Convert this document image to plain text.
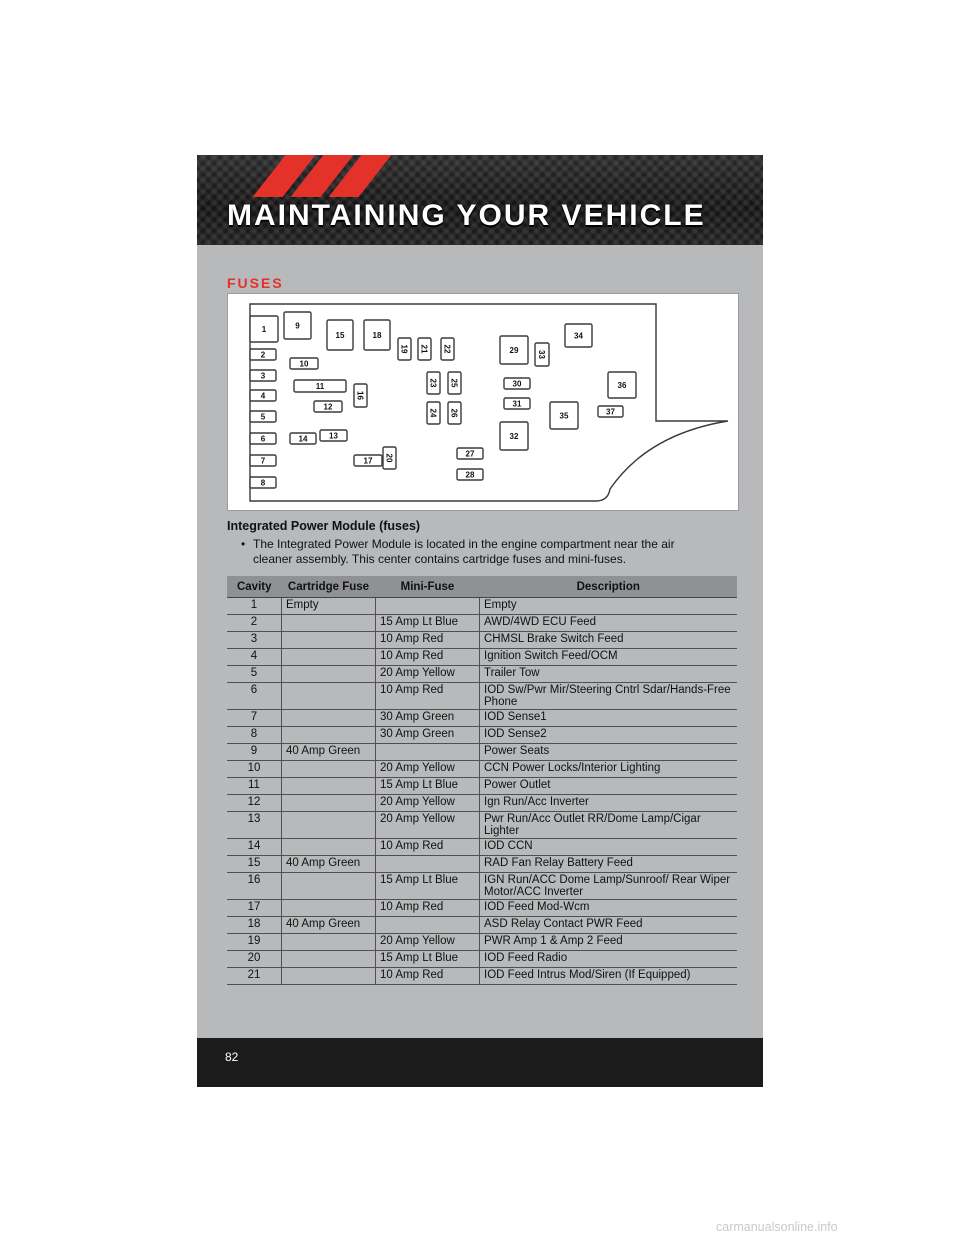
MAINTAINING YOUR VEHICLE
FUSES
1
2
3
4
5
6
7
8
9
10
11
12
13
14
15
16
17
18
19
20
21 22
23
24
25
26
27
28
29
30
31
32
33
34
35
36
37
Integrated Power Module (fuses)
• The Integrated Power Module is located in the engine compartment near the air cleaner assembly. This center contains cartridge fuses and mini-fuses.
Cavity	Cartridge Fuse	Mini-Fuse	Description
1	Empty		Empty
2		15 Amp Lt Blue	AWD/4WD ECU Feed
3		10 Amp Red	CHMSL Brake Switch Feed
4		10 Amp Red	Ignition Switch Feed/OCM
5		20 Amp Yellow	Trailer Tow
6		10 Amp Red	IOD Sw/Pwr Mir/Steering Cntrl Sdar/Hands-Free Phone
7		30 Amp Green	IOD Sense1
8		30 Amp Green	IOD Sense2
9	40 Amp Green		Power Seats
10		20 Amp Yellow	CCN Power Locks/Interior Lighting
11		15 Amp Lt Blue	Power Outlet
12		20 Amp Yellow	Ign Run/Acc Inverter
13		20 Amp Yellow	Pwr Run/Acc Outlet RR/Dome Lamp/Cigar Lighter
14		10 Amp Red	IOD CCN
15	40 Amp Green		RAD Fan Relay Battery Feed
16		15 Amp Lt Blue	IGN Run/ACC Dome Lamp/Sunroof/ Rear Wiper Motor/ACC Inverter
17		10 Amp Red	IOD Feed Mod-Wcm
18	40 Amp Green		ASD Relay Contact PWR Feed
19		20 Amp Yellow	PWR Amp 1 & Amp 2 Feed
20		15 Amp Lt Blue	IOD Feed Radio
21		10 Amp Red	IOD Feed Intrus Mod/Siren (If Equipped)
82
carmanualsonline.info
